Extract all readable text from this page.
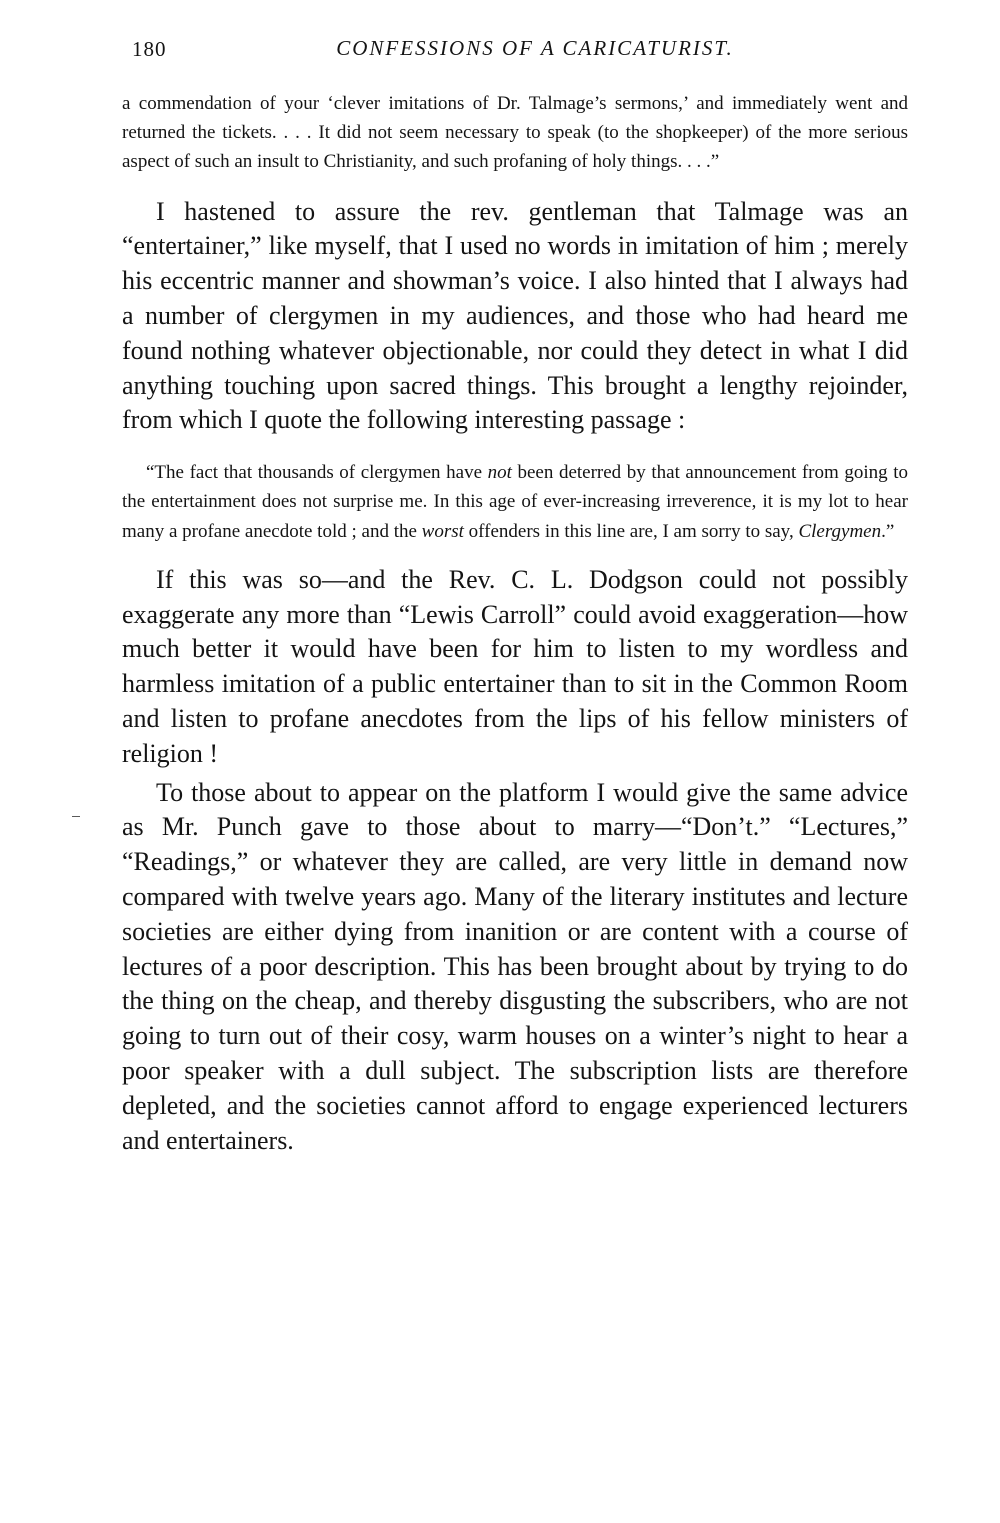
180	CONFESSIONS OF A CARICATURIST.

a commendation of your ‘clever imitations of Dr. Talmage’s sermons,’ and immediately went and returned the tickets. . . . It did not seem necessary to speak (to the shopkeeper) of the more serious aspect of such an insult to Christianity, and such profaning of holy things. . . .”

I hastened to assure the rev. gentleman that Talmage was an “entertainer,” like myself, that I used no words in imitation of him ; merely his eccentric manner and showman’s voice. I also hinted that I always had a number of clergymen in my audiences, and those who had heard me found nothing whatever objectionable, nor could they detect in what I did anything touching upon sacred things. This brought a lengthy rejoinder, from which I quote the following interesting passage :

“The fact that thousands of clergymen have not been deterred by that announcement from going to the entertainment does not surprise me. In this age of ever-increasing irreverence, it is my lot to hear many a profane anecdote told ; and the worst offenders in this line are, I am sorry to say, Clergymen.”

If this was so—and the Rev. C. L. Dodgson could not possibly exaggerate any more than “Lewis Carroll” could avoid exaggeration—how much better it would have been for him to listen to my wordless and harmless imitation of a public entertainer than to sit in the Common Room and listen to profane anecdotes from the lips of his fellow ministers of religion !

To those about to appear on the platform I would give the same advice as Mr. Punch gave to those about to marry—“Don’t.” “Lectures,” “Readings,” or whatever they are called, are very little in demand now compared with twelve years ago. Many of the literary institutes and lecture societies are either dying from inanition or are content with a course of lectures of a poor description. This has been brought about by trying to do the thing on the cheap, and thereby disgusting the subscribers, who are not going to turn out of their cosy, warm houses on a winter’s night to hear a poor speaker with a dull subject. The subscription lists are therefore depleted, and the societies cannot afford to engage experienced lecturers and entertainers.
